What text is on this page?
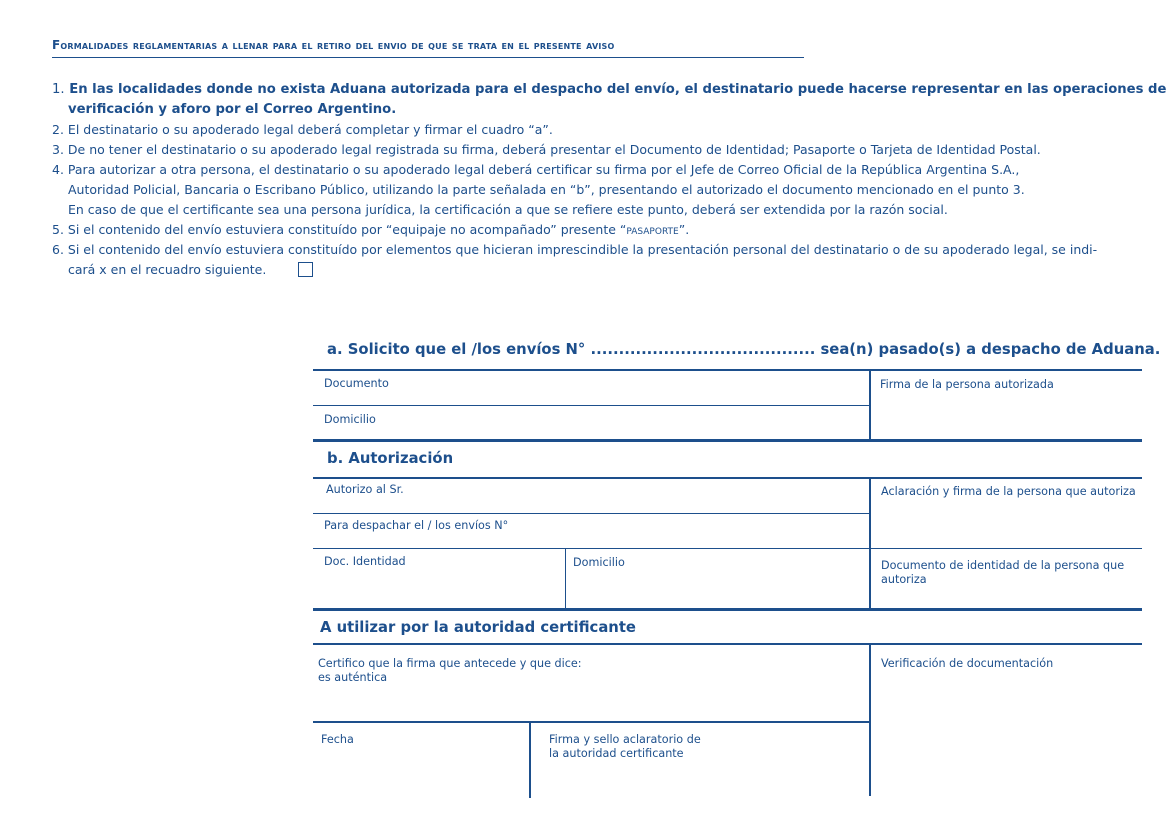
Formalidades reglamentarias a llenar para el retiro del envio de que se trata en el presente aviso
1. En las localidades donde no exista Aduana autorizada para el despacho del envío, el destinatario puede hacerse representar en las operaciones de
verificación y aforo por el Correo Argentino.
2. El destinatario o su apoderado legal deberá completar y firmar el cuadro “a”.
3. De no tener el destinatario o su apoderado legal registrada su firma, deberá presentar el Documento de Identidad; Pasaporte o Tarjeta de Identidad Postal.
4. Para autorizar a otra persona, el destinatario o su apoderado legal deberá certificar su firma por el Jefe de Correo Oficial de la República Argentina S.A.,
Autoridad Policial, Bancaria o Escribano Público, utilizando la parte señalada en “b”, presentando el autorizado el documento mencionado en el punto 3.
En caso de que el certificante sea una persona jurídica, la certificación a que se refiere este punto, deberá ser extendida por la razón social.
5. Si el contenido del envío estuviera constituído por “equipaje no acompañado” presente “pasaporte”.
6. Si el contenido del envío estuviera constituído por elementos que hicieran imprescindible la presentación personal del destinatario o de su apoderado legal, se indi-
cará x en el recuadro siguiente.
a. Solicito que el /los envíos N° ........................................ sea(n) pasado(s) a despacho de Aduana.
Documento	Firma de la persona autorizada
Domicilio
b. Autorización
Autorizo al Sr.	Aclaración y firma de la persona que autoriza
Para despachar el / los envíos N°
Doc. Identidad	Domicilio	Documento de identidad de la persona que
autoriza
A utilizar por la autoridad certificante
Certifico que la firma que antecede y que dice:
es auténtica
Verificación de documentación
Fecha	Firma y sello aclaratorio de
la autoridad certificante
